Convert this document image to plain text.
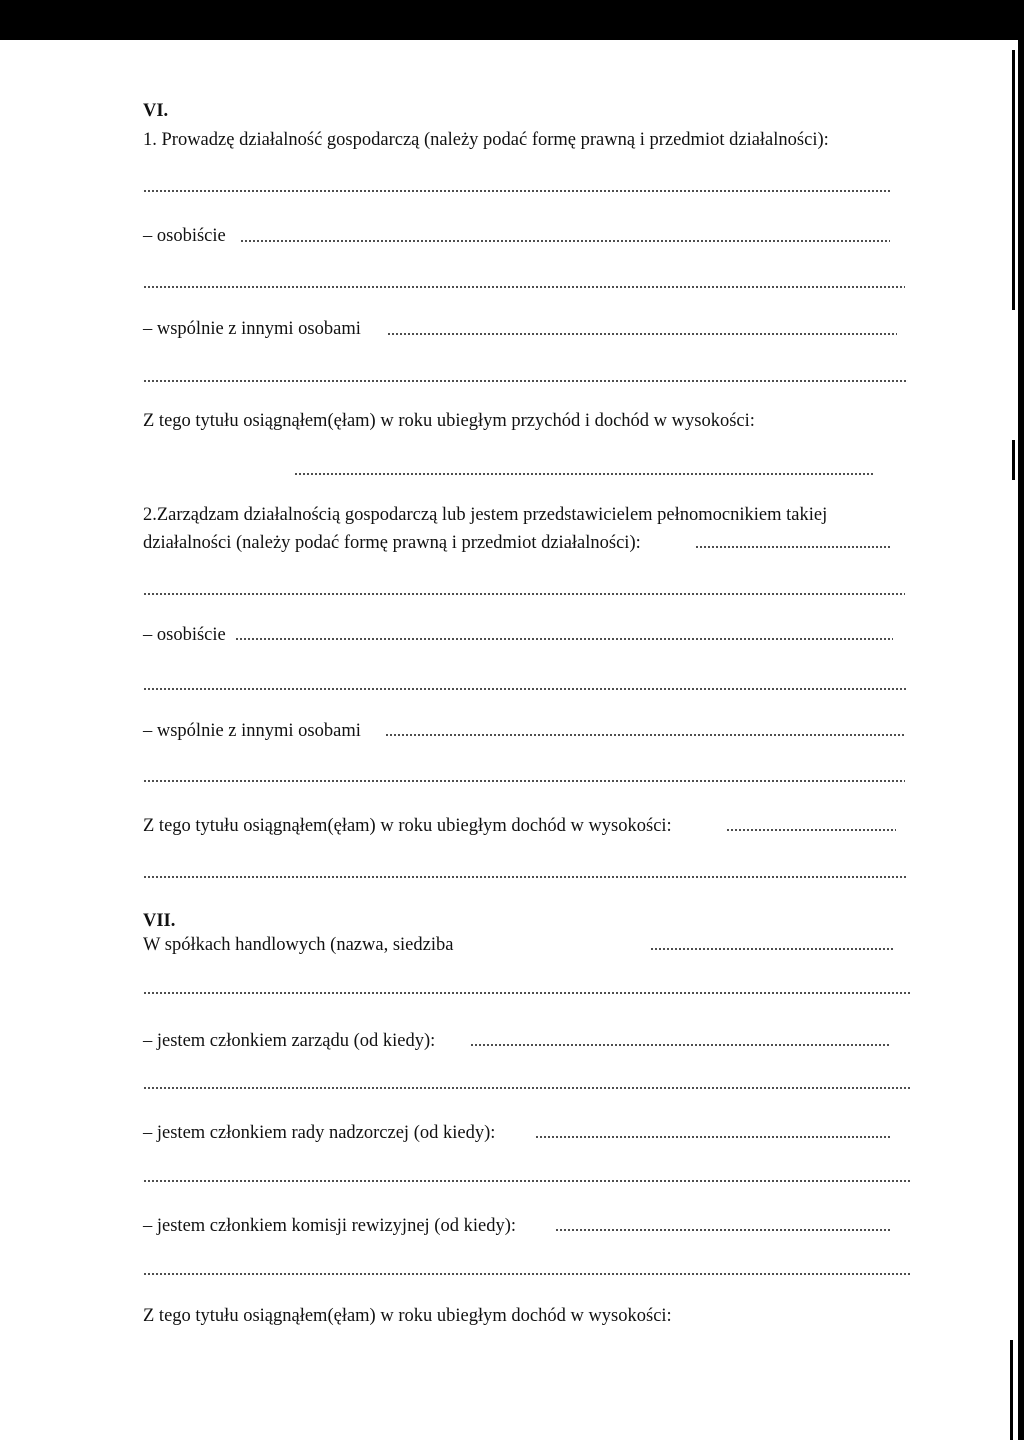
VI.
1. Prowadzę działalność gospodarczą (należy podać formę prawną i przedmiot działalności):
– osobiście
– wspólnie z innymi osobami
Z tego tytułu osiągnąłem(ęłam) w roku ubiegłym przychód i dochód w wysokości:
2.Zarządzam działalnością gospodarczą lub jestem przedstawicielem pełnomocnikiem takiej
działalności (należy podać formę prawną i przedmiot działalności):
– osobiście
– wspólnie z innymi osobami
Z tego tytułu osiągnąłem(ęłam) w roku ubiegłym dochód w wysokości:
VII.
W spółkach handlowych (nazwa, siedziba
– jestem członkiem zarządu (od kiedy):
– jestem członkiem rady nadzorczej (od kiedy):
– jestem członkiem komisji rewizyjnej (od kiedy):
Z tego tytułu osiągnąłem(ęłam) w roku ubiegłym dochód w wysokości:
